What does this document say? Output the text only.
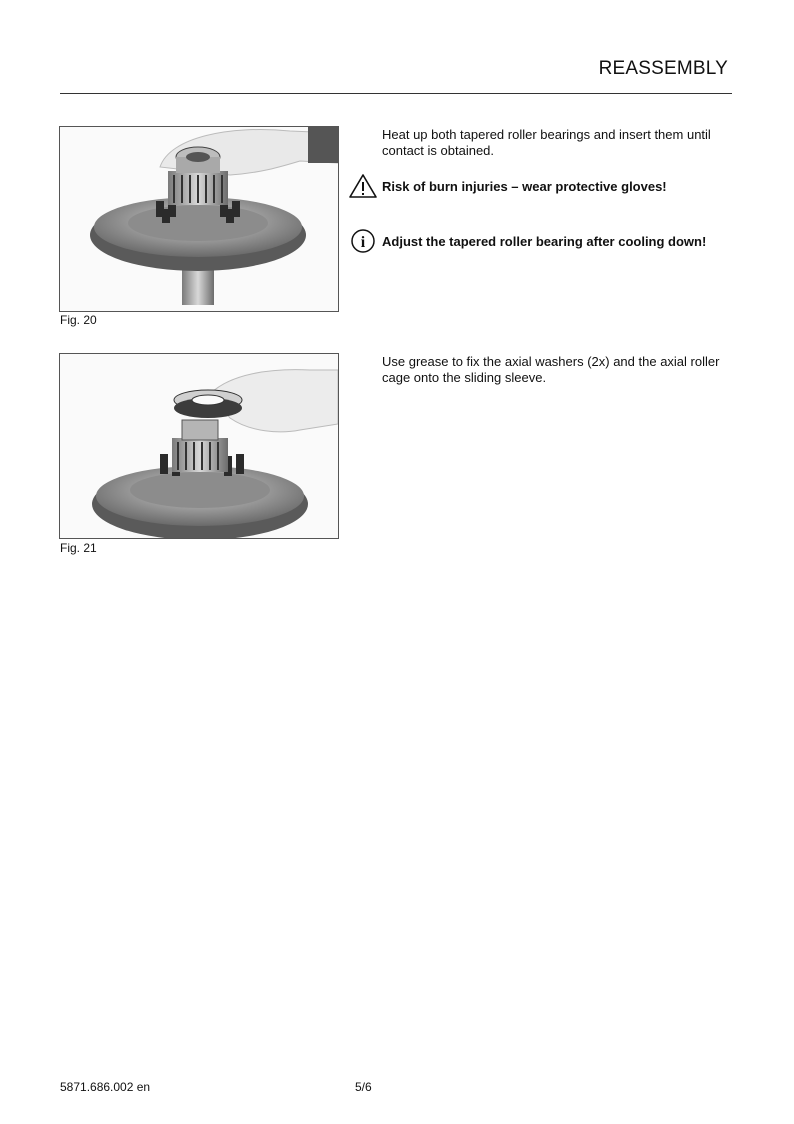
REASSEMBLY
Fig. 20
Heat up both tapered roller bearings and insert them until contact is obtained.
Risk of burn injuries – wear protective gloves!
i Adjust the tapered roller bearing after cooling down!
Fig. 21
Use grease to fix the axial washers (2x) and the axial roller cage onto the sliding sleeve.
5871.686.002 en	5/6
